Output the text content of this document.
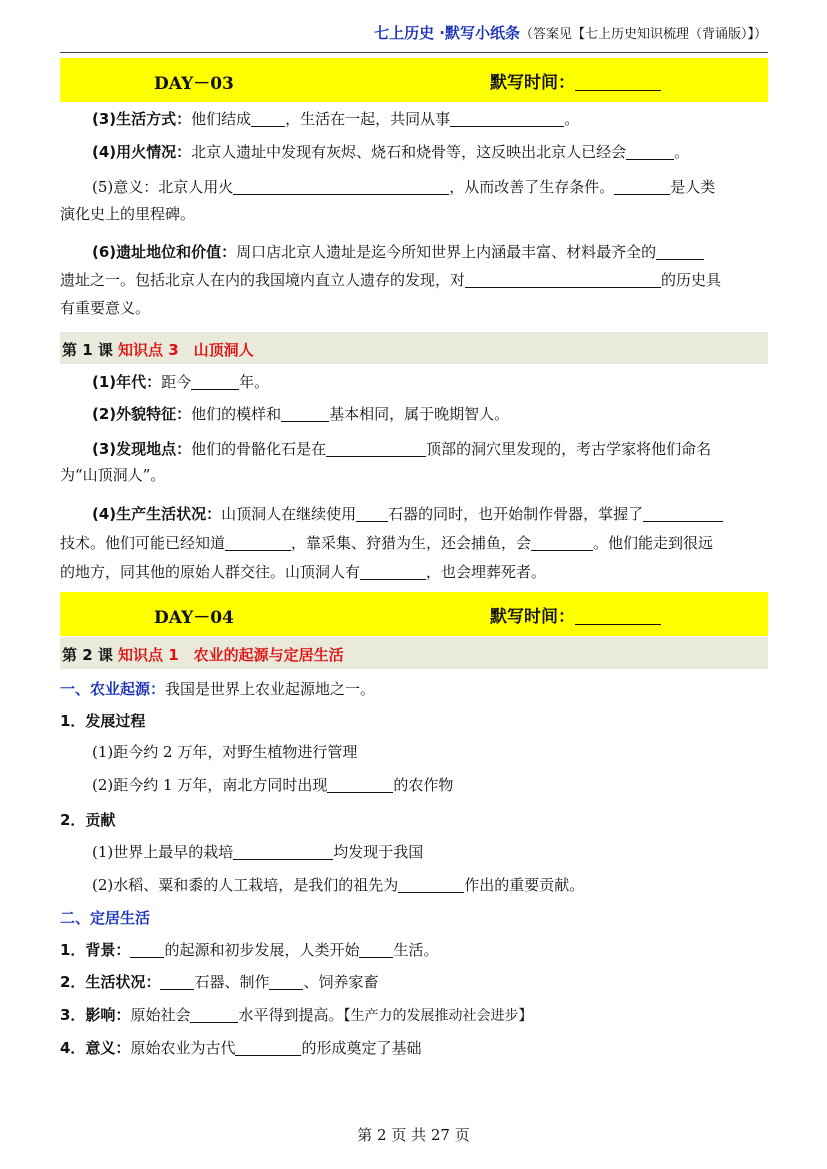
七上历史 ·默写小纸条（答案见【七上历史知识梳理（背诵版）】）
DAY－03	默写时间：
(3)生活方式：他们结成 ，生活在一起，共同从事	。
(4)用火情况：北京人遗址中发现有灰烬、烧石和烧骨等，这反映出北京人已经会	。
(5)意义：北京人用火	，从而改善了生存条件。	是人类
演化史上的里程碑。
(6)遗址地位和价值：周口店北京人遗址是迄今所知世界上内涵最丰富、材料最齐全的
遗址之一。包括北京人在内的我国境内直立人遗存的发现，对	的历史具
有重要意义。
第 1 课 知识点 3　山顶洞人
(1)年代：距今	年。
(2)外貌特征：他们的模样和	基本相同，属于晚期智人。
(3)发现地点：他们的骨骼化石是在	顶部的洞穴里发现的，考古学家将他们命名
为“山顶洞人”。
(4)生产生活状况：山顶洞人在继续使用 石器的同时，也开始制作骨器，掌握了
技术。他们可能已经知道	，靠采集、狩猎为生，还会捕鱼，会	。他们能走到很远
的地方，同其他的原始人群交往。山顶洞人有	，也会埋葬死者。
DAY－04	默写时间：
第 2 课 知识点 1　农业的起源与定居生活
一、农业起源：我国是世界上农业起源地之一。
1．发展过程
(1)距今约 2 万年，对野生植物进行管理
(2)距今约 1 万年，南北方同时出现	的农作物
2．贡献
(1)世界上最早的栽培	均发现于我国
(2)水稻、粟和黍的人工栽培，是我们的祖先为	作出的重要贡献。
二、定居生活
1．背景： 的起源和初步发展，人类开始 生活。
2．生活状况： 石器、制作 、饲养家畜
3．影响：原始社会	水平得到提高。【生产力的发展推动社会进步】
4．意义：原始农业为古代	的形成奠定了基础
第 2 页 共 27 页
